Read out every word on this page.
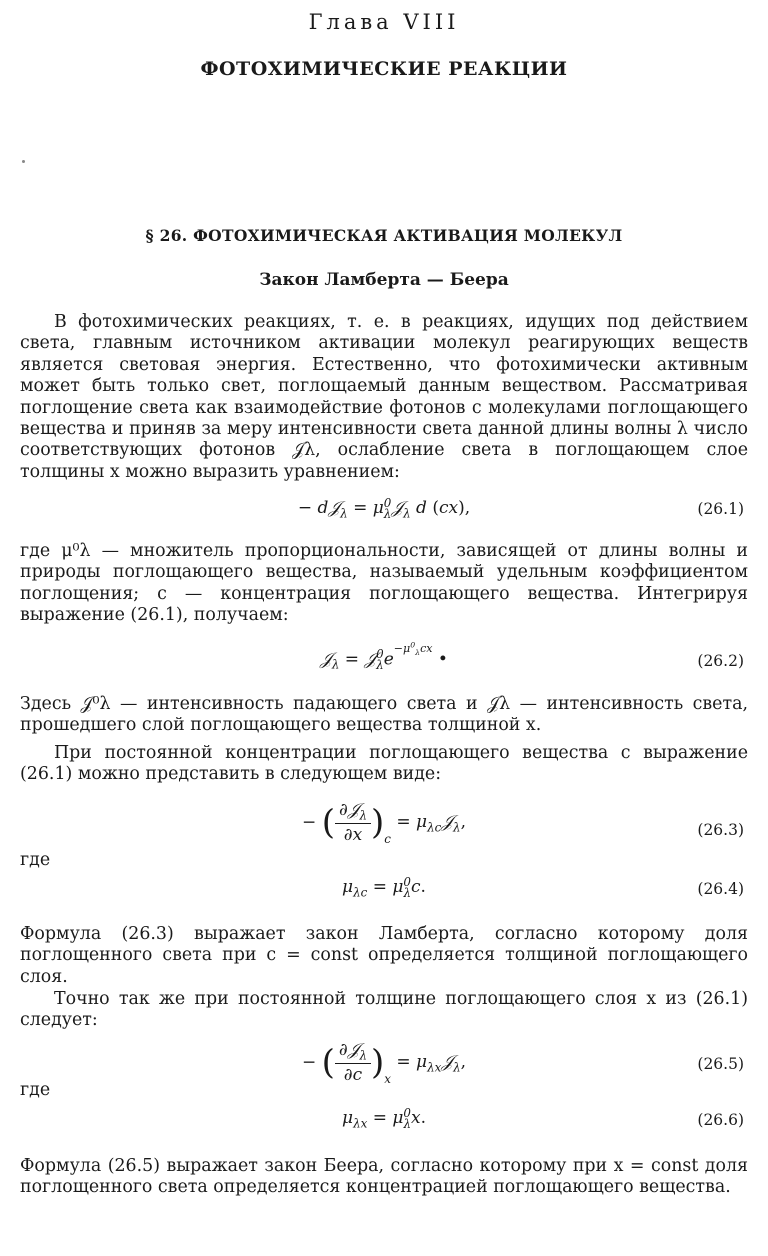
Глава VIII
ФОТОХИМИЧЕСКИЕ РЕАКЦИИ
§ 26. ФОТОХИМИЧЕСКАЯ АКТИВАЦИЯ МОЛЕКУЛ
Закон Ламберта — Беера
В фотохимических реакциях, т. е. в реакциях, идущих под действием света, главным источником активации молекул реагирующих веществ является световая энергия. Естественно, что фотохимически активным может быть только свет, поглощаемый данным веществом. Рассматривая поглощение света как взаимодействие фотонов с молекулами поглощающего вещества и приняв за меру интенсивности света данной длины волны λ число соответствующих фотонов 𝒥λ, ослабление света в поглощающем слое толщины x можно выразить уравнением:
− d𝒥$_\lambda$ = μ 0
λ 𝒥$_\lambda$ d (cx),	(26.1)
где μ⁰λ — множитель пропорциональности, зависящей от длины волны и природы поглощающего вещества, называемый удельным коэффициентом поглощения; c — концентрация поглощающего вещества. Интегрируя выражение (26.1), получаем:
𝒥$_\lambda$ = 𝒥 0
λ $e^{-\mu^0_\lambda cx}$ •	(26.2)
Здесь 𝒥⁰λ — интенсивность падающего света и 𝒥λ — интенсивность света, прошедшего слой поглощающего вещества толщиной x.
При постоянной концентрации поглощающего вещества c выражение (26.1) можно представить в следующем виде:
− ( $\frac{\partial 𝒥_\lambda}{\partial x} )_c$ = $\mu_{\lambda c}𝒥_\lambda$,	(26.3)
где
$\mu_{\lambda c} = \mu$ 0
λ c.	(26.4)
Формула (26.3) выражает закон Ламберта, согласно которому доля поглощенного света при c = const определяется толщиной поглощающего слоя.
Точно так же при постоянной толщине поглощающего слоя x из (26.1) следует:
− ( $\frac{\partial 𝒥_\lambda}{\partial c} )_x$ = $\mu_{\lambda x}𝒥_\lambda$,	(26.5)
где
$\mu_{\lambda x} = \mu$ 0
λ x.	(26.6)
Формула (26.5) выражает закон Беера, согласно которому при x = const доля поглощенного света определяется концентрацией поглощающего вещества.
